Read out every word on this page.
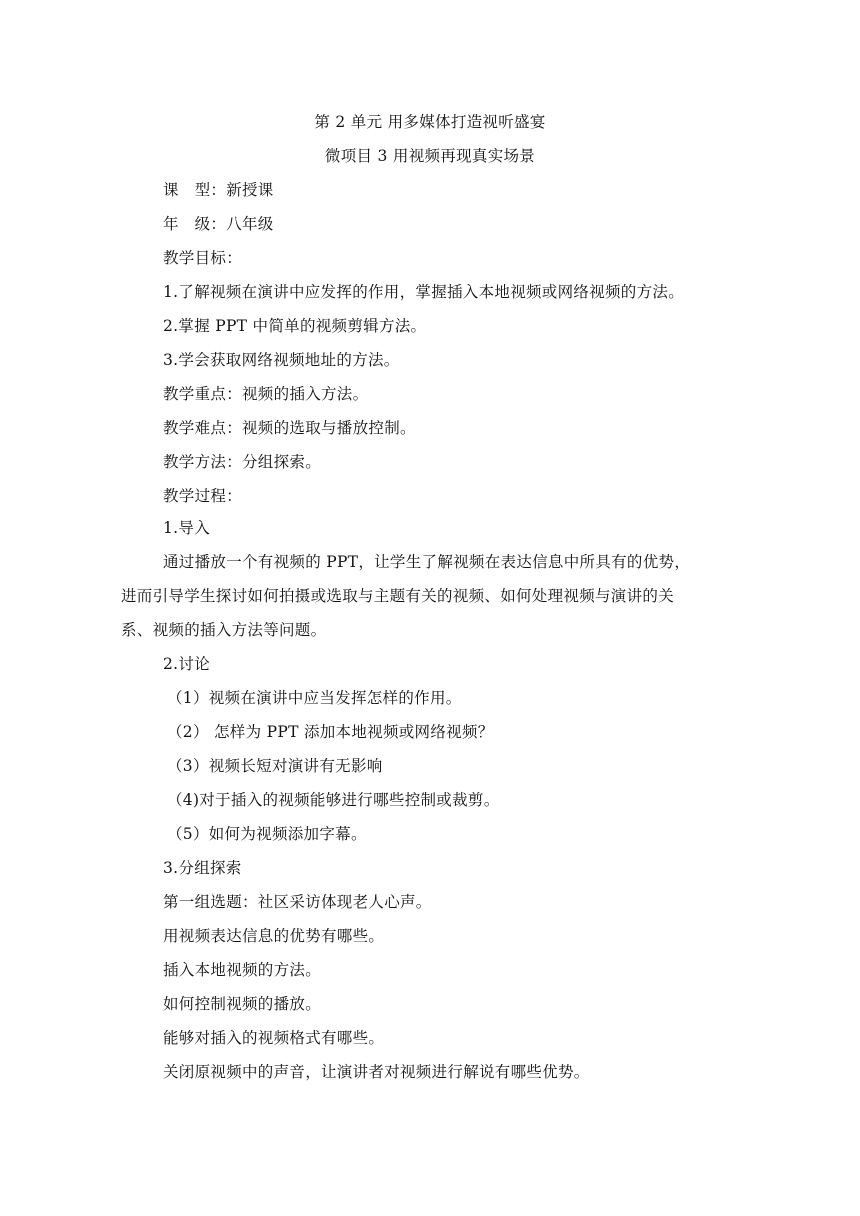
第 2 单元 用多媒体打造视听盛宴
微项目 3 用视频再现真实场景
课　型：新授课
年　级：八年级
教学目标：
1.了解视频在演讲中应发挥的作用，掌握插入本地视频或网络视频的方法。
2.掌握 PPT 中简单的视频剪辑方法。
3.学会获取网络视频地址的方法。
教学重点：视频的插入方法。
教学难点：视频的选取与播放控制。
教学方法：分组探索。
教学过程：
1.导入
通过播放一个有视频的 PPT，让学生了解视频在表达信息中所具有的优势，
进而引导学生探讨如何拍摄或选取与主题有关的视频、如何处理视频与演讲的关
系、视频的插入方法等问题。
2.讨论
（1）视频在演讲中应当发挥怎样的作用。
（2） 怎样为 PPT 添加本地视频或网络视频？
（3）视频长短对演讲有无影响
（4)对于插入的视频能够进行哪些控制或裁剪。
（5）如何为视频添加字幕。
3.分组探索
第一组选题：社区采访体现老人心声。
用视频表达信息的优势有哪些。
插入本地视频的方法。
如何控制视频的播放。
能够对插入的视频格式有哪些。
关闭原视频中的声音，让演讲者对视频进行解说有哪些优势。
